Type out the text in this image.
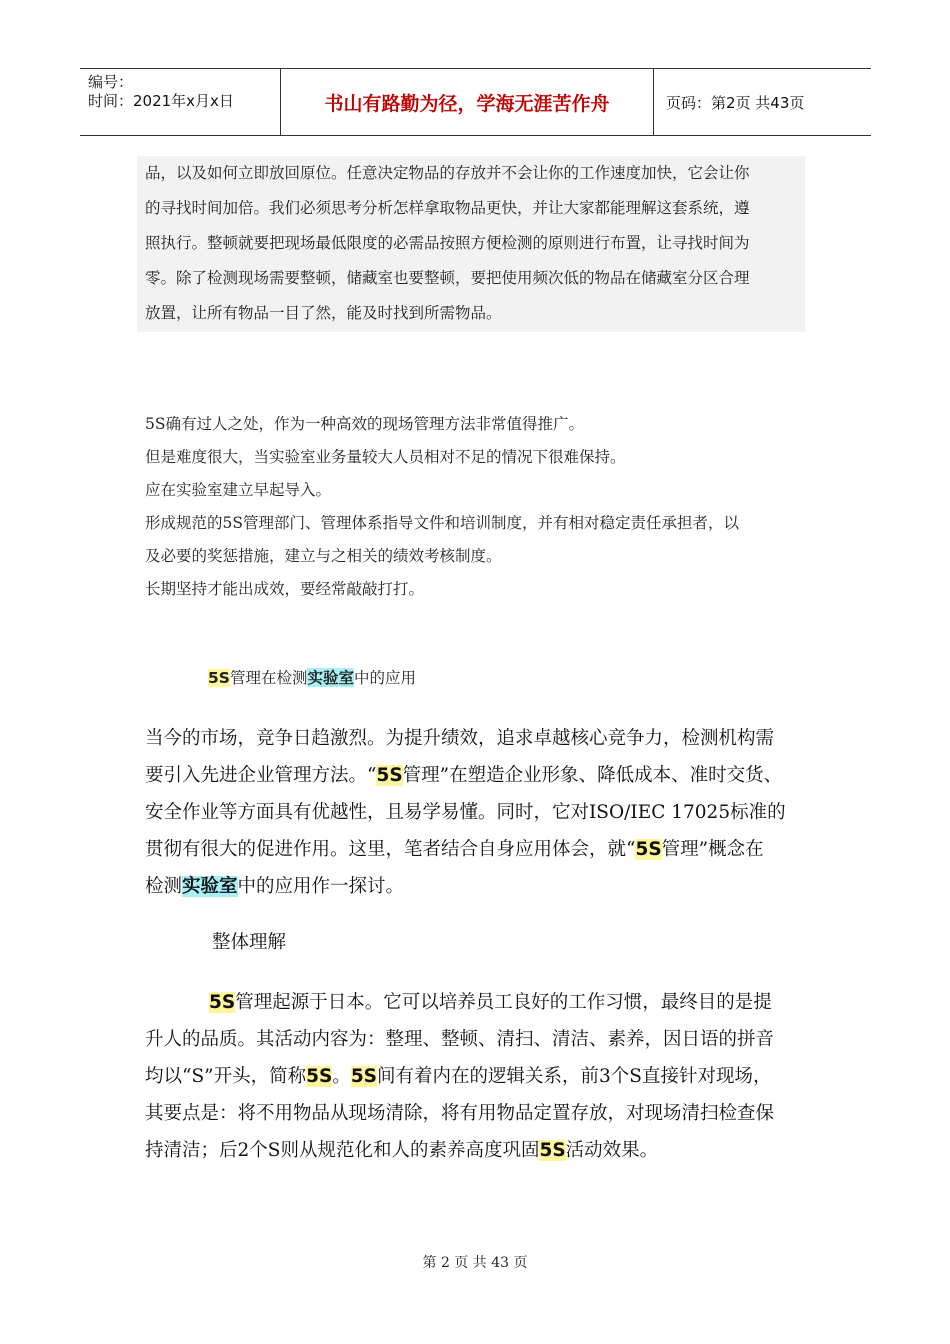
编号：
时间：2021年x月x日	书山有路勤为径，学海无涯苦作舟	页码：第2页 共43页
品，以及如何立即放回原位。任意决定物品的存放并不会让你的工作速度加快，它会让你
的寻找时间加倍。我们必须思考分析怎样拿取物品更快，并让大家都能理解这套系统，遵
照执行。整顿就要把现场最低限度的必需品按照方便检测的原则进行布置，让寻找时间为
零。除了检测现场需要整顿，储藏室也要整顿，要把使用频次低的物品在储藏室分区合理
放置，让所有物品一目了然，能及时找到所需物品。

5S确有过人之处，作为一种高效的现场管理方法非常值得推广。

但是难度很大，当实验室业务量较大人员相对不足的情况下很难保持。

应在实验室建立早起导入。

形成规范的5S管理部门、管理体系指导文件和培训制度，并有相对稳定责任承担者，以

及必要的奖惩措施，建立与之相关的绩效考核制度。

长期坚持才能出成效，要经常敲敲打打。

5S管理在检测实验室中的应用

当今的市场，竞争日趋激烈。为提升绩效，追求卓越核心竞争力，检测机构需

要引入先进企业管理方法。“5S管理”在塑造企业形象、降低成本、准时交货、

安全作业等方面具有优越性，且易学易懂。同时，它对ISO/IEC 17025标准的

贯彻有很大的促进作用。这里，笔者结合自身应用体会，就“5S管理”概念在

检测实验室中的应用作一探讨。

整体理解

5S管理起源于日本。它可以培养员工良好的工作习惯，最终目的是提

升人的品质。其活动内容为：整理、整顿、清扫、清洁、素养，因日语的拼音

均以“S”开头，简称5S。5S间有着内在的逻辑关系，前3个S直接针对现场，

其要点是：将不用物品从现场清除，将有用物品定置存放，对现场清扫检查保

持清洁；后2个S则从规范化和人的素养高度巩固5S活动效果。

第 2 页 共 43 页
